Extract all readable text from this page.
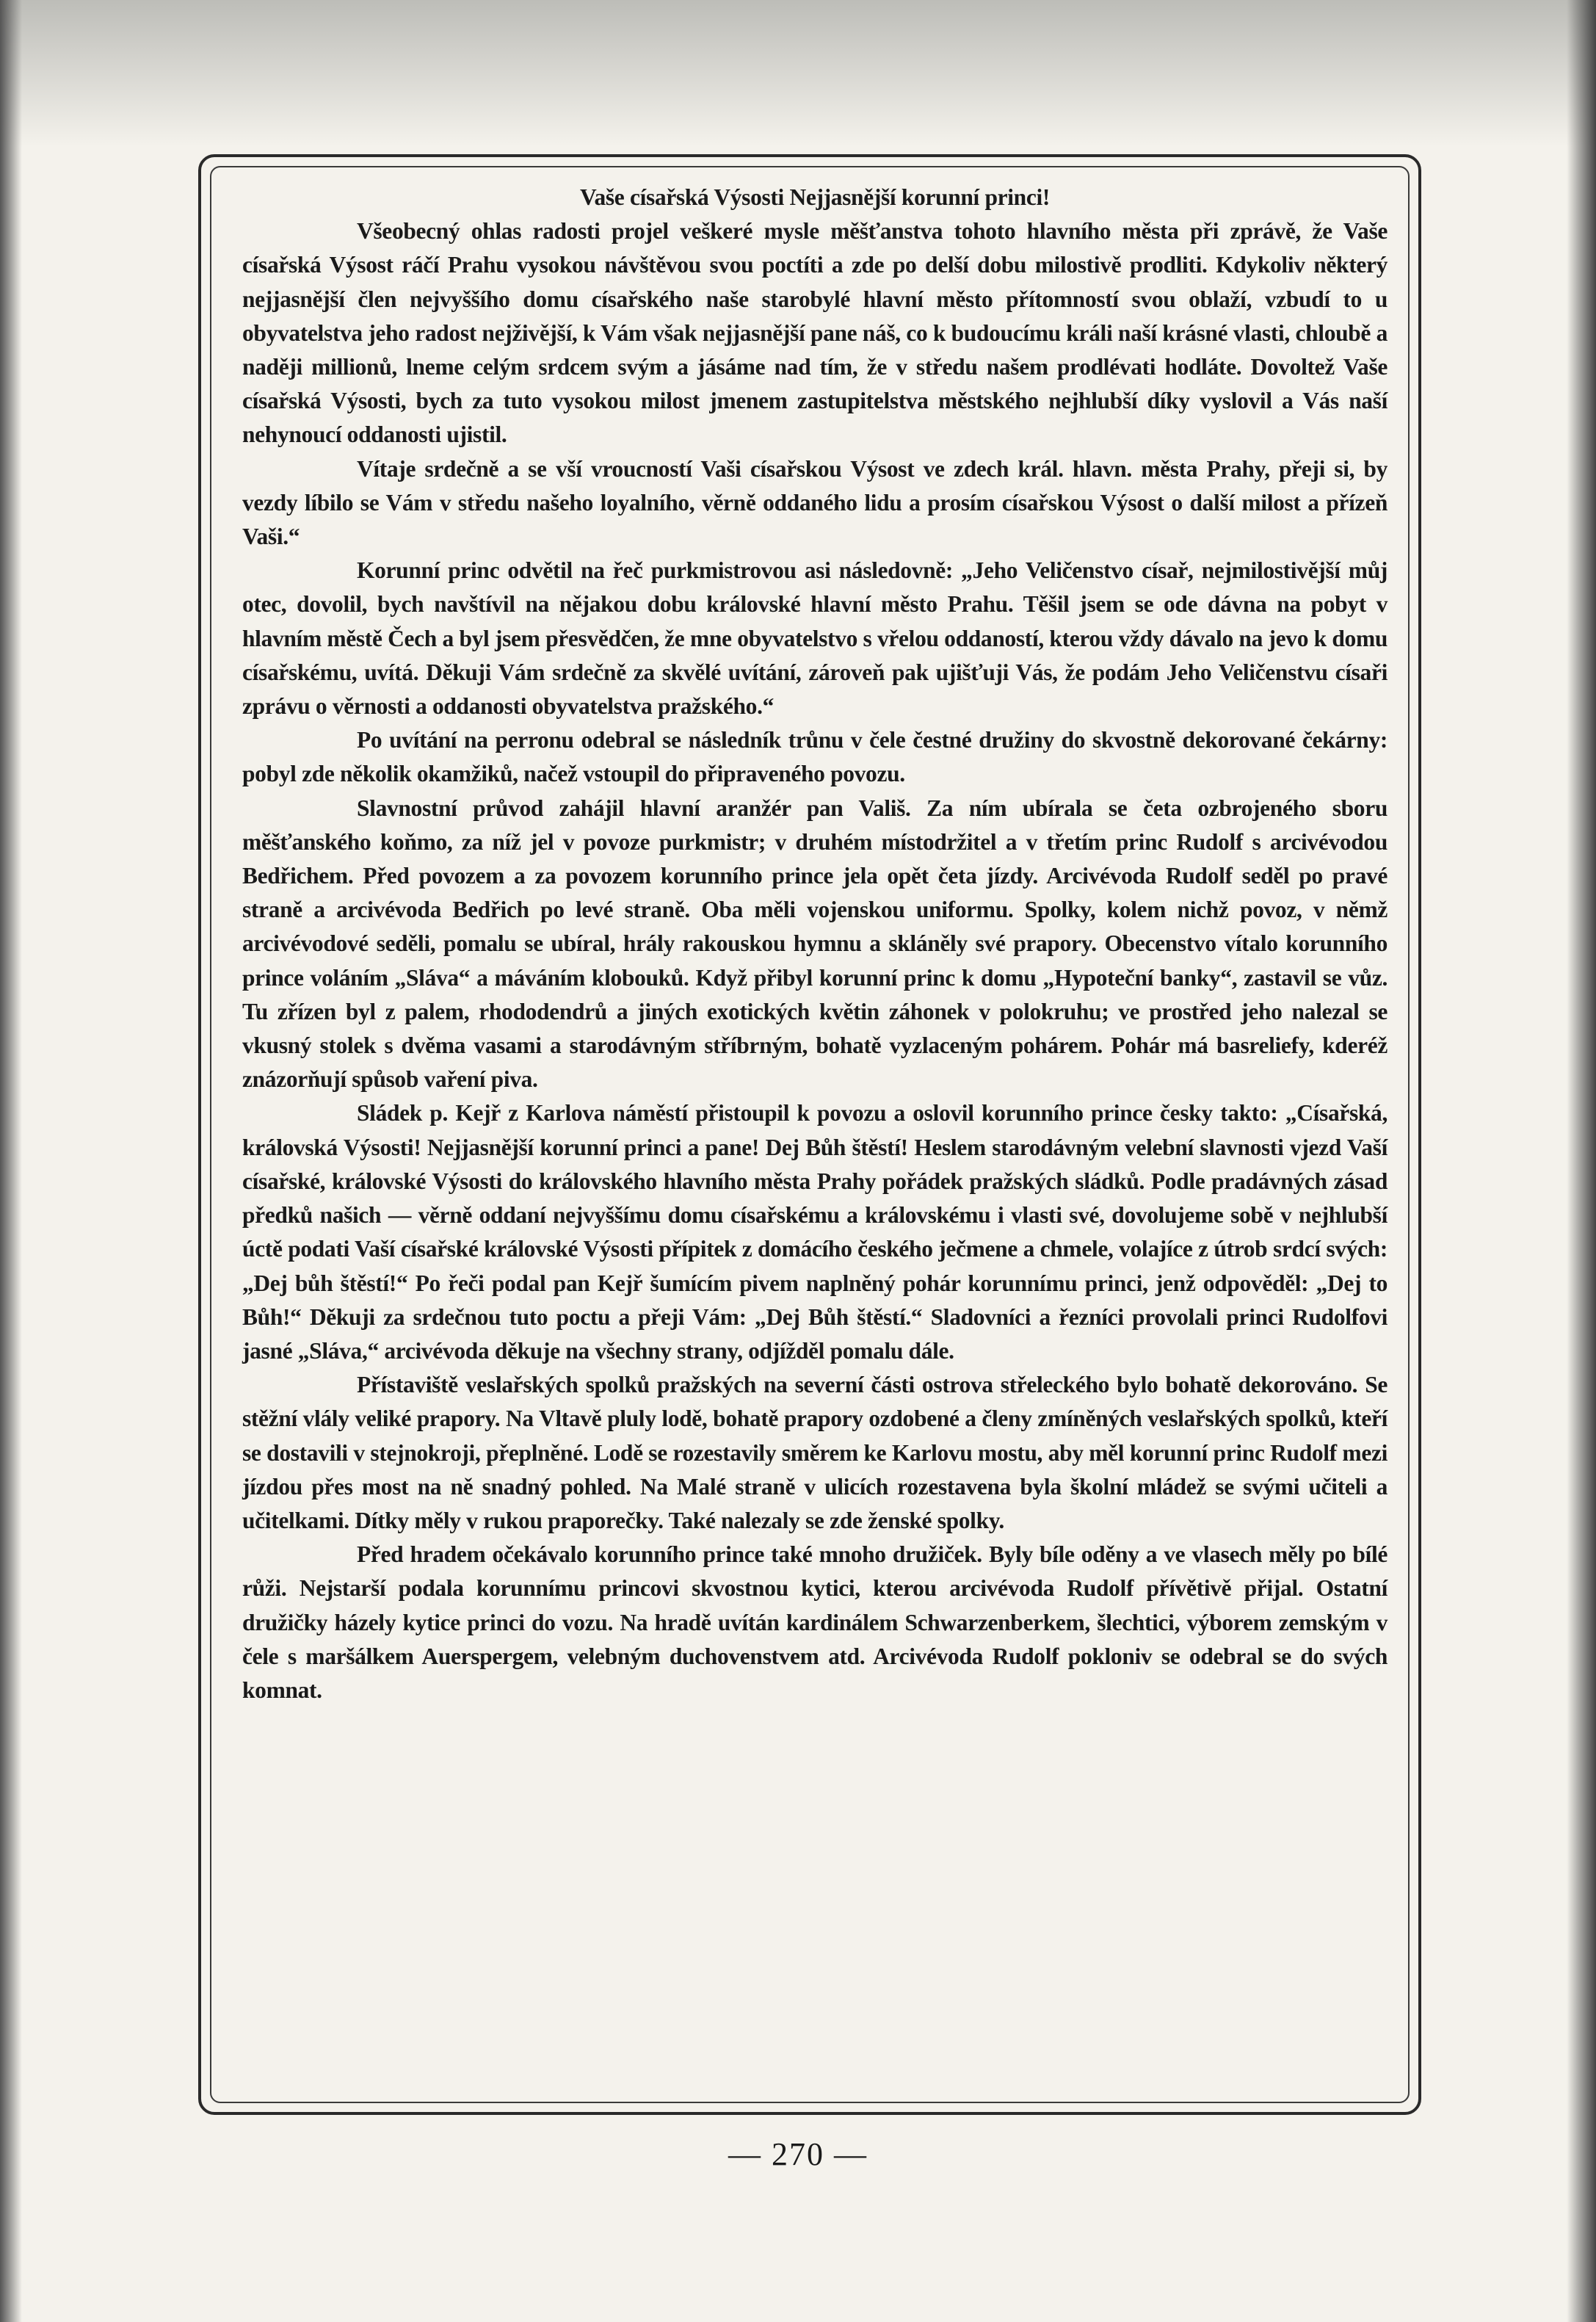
Vaše císařská Výsosti Nejjasnější korunní princi!

Všeobecný ohlas radosti projel veškeré mysle měšťanstva tohoto hlavního města při zprávě, že Vaše císařská Výsost ráčí Prahu vysokou návštěvou svou poctíti a zde po delší dobu milostivě prodliti. Kdykoliv některý nejjasnější člen nejvyššího domu císařského naše starobylé hlavní město přítomností svou oblaží, vzbudí to u obyvatelstva jeho radost nejživější, k Vám však nejjasnější pane náš, co k budoucímu králi naší krásné vlasti, chloubě a naději millionů, lneme celým srdcem svým a jásáme nad tím, že v středu našem prodlévati hodláte. Dovoltež Vaše císařská Výsosti, bych za tuto vysokou milost jmenem zastupitelstva městského nejhlubší díky vyslovil a Vás naší nehynoucí oddanosti ujistil.

Vítaje srdečně a se vší vroucností Vaši císařskou Výsost ve zdech král. hlavn. města Prahy, přeji si, by vezdy líbilo se Vám v středu našeho loyalního, věrně oddaného lidu a prosím císařskou Výsost o další milost a přízeň Vaši.“

Korunní princ odvětil na řeč purkmistrovou asi následovně: „Jeho Veličenstvo císař, nejmilostivější můj otec, dovolil, bych navštívil na nějakou dobu královské hlavní město Prahu. Těšil jsem se ode dávna na pobyt v hlavním městě Čech a byl jsem přesvědčen, že mne obyvatelstvo s vřelou oddaností, kterou vždy dávalo na jevo k domu císařskému, uvítá. Děkuji Vám srdečně za skvělé uvítání, zároveň pak ujišťuji Vás, že podám Jeho Veličenstvu císaři zprávu o věrnosti a oddanosti obyvatelstva pražského.“

Po uvítání na perronu odebral se následník trůnu v čele čestné družiny do skvostně dekorované čekárny: pobyl zde několik okamžiků, načež vstoupil do připraveného povozu.

Slavnostní průvod zahájil hlavní aranžér pan Vališ. Za ním ubírala se četa ozbrojeného sboru měšťanského koňmo, za níž jel v povoze purkmistr; v druhém místodržitel a v třetím princ Rudolf s arcivévodou Bedřichem. Před povozem a za povozem korunního prince jela opět četa jízdy. Arcivévoda Rudolf seděl po pravé straně a arcivévoda Bedřich po levé straně. Oba měli vojenskou uniformu. Spolky, kolem nichž povoz, v němž arcivévodové seděli, pomalu se ubíral, hrály rakouskou hymnu a skláněly své prapory. Obecenstvo vítalo korunního prince voláním „Sláva“ a máváním klobouků. Když přibyl korunní princ k domu „Hypoteční banky“, zastavil se vůz. Tu zřízen byl z palem, rhododendrů a jiných exotických květin záhonek v polokruhu; ve prostřed jeho nalezal se vkusný stolek s dvěma vasami a starodávným stříbrným, bohatě vyzlaceným pohárem. Pohár má basreliefy, kderéž znázorňují spůsob vaření piva.

Sládek p. Kejř z Karlova náměstí přistoupil k povozu a oslovil korunního prince česky takto: „Císařská, královská Výsosti! Nejjasnější korunní princi a pane! Dej Bůh štěstí! Heslem starodávným velební slavnosti vjezd Vaší císařské, královské Výsosti do královského hlavního města Prahy pořádek pražských sládků. Podle pradávných zásad předků našich — věrně oddaní nejvyššímu domu císařskému a královskému i vlasti své, dovolujeme sobě v nejhlubší úctě podati Vaší císařské královské Výsosti přípitek z domácího českého ječmene a chmele, volajíce z útrob srdcí svých: „Dej bůh štěstí!“ Po řeči podal pan Kejř šumícím pivem naplněný pohár korunnímu princi, jenž odpověděl: „Dej to Bůh!“ Děkuji za srdečnou tuto poctu a přeji Vám: „Dej Bůh štěstí.“ Sladovníci a řezníci provolali princi Rudolfovi jasné „Sláva,“ arcivévoda děkuje na všechny strany, odjížděl pomalu dále.

Přístaviště veslařských spolků pražských na severní části ostrova střeleckého bylo bohatě dekorováno. Se stěžní vlály veliké prapory. Na Vltavě pluly lodě, bohatě prapory ozdobené a členy zmíněných veslařských spolků, kteří se dostavili v stejnokroji, přeplněné. Lodě se rozestavily směrem ke Karlovu mostu, aby měl korunní princ Rudolf mezi jízdou přes most na ně snadný pohled. Na Malé straně v ulicích rozestavena byla školní mládež se svými učiteli a učitelkami. Dítky měly v rukou praporečky. Také nalezaly se zde ženské spolky.

Před hradem očekávalo korunního prince také mnoho družiček. Byly bíle oděny a ve vlasech měly po bílé růži. Nejstarší podala korunnímu princovi skvostnou kytici, kterou arcivévoda Rudolf přívětivě přijal. Ostatní družičky házely kytice princi do vozu. Na hradě uvítán kardinálem Schwarzenberkem, šlechtici, výborem zemským v čele s maršálkem Auerspergem, velebným duchovenstvem atd. Arcivévoda Rudolf pokloniv se odebral se do svých komnat.

— 270 —
